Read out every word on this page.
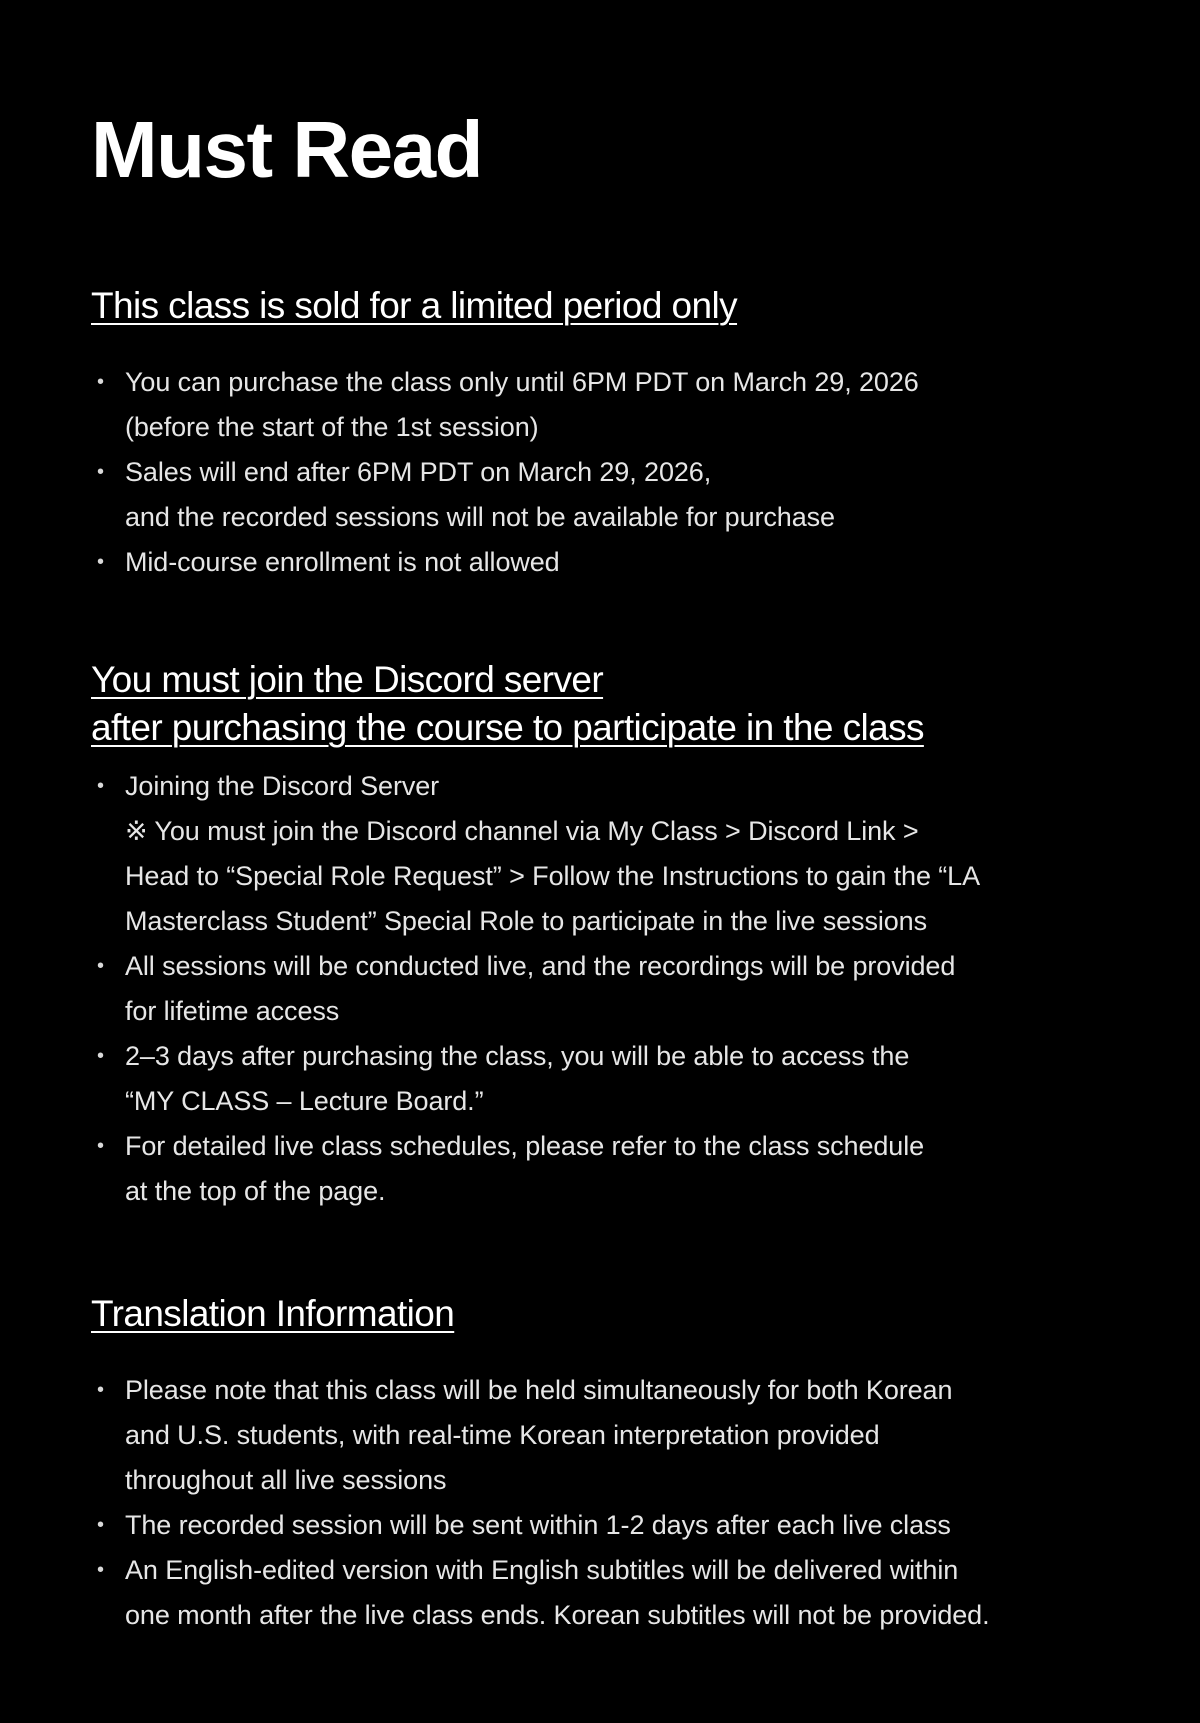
Must Read
This class is sold for a limited period only
• You can purchase the class only until 6PM PDT on March 29, 2026
(before the start of the 1st session)
• Sales will end after 6PM PDT on March 29, 2026,
and the recorded sessions will not be available for purchase
• Mid-course enrollment is not allowed
You must join the Discord server
after purchasing the course to participate in the class
• Joining the Discord Server
※ You must join the Discord channel via My Class > Discord Link >
Head to “Special Role Request” > Follow the Instructions to gain the “LA
Masterclass Student” Special Role to participate in the live sessions
• All sessions will be conducted live, and the recordings will be provided
for lifetime access
• 2–3 days after purchasing the class, you will be able to access the
“MY CLASS – Lecture Board.”
• For detailed live class schedules, please refer to the class schedule
at the top of the page.
Translation Information
• Please note that this class will be held simultaneously for both Korean
and U.S. students, with real-time Korean interpretation provided
throughout all live sessions
• The recorded session will be sent within 1-2 days after each live class
• An English-edited version with English subtitles will be delivered within
one month after the live class ends. Korean subtitles will not be provided.
